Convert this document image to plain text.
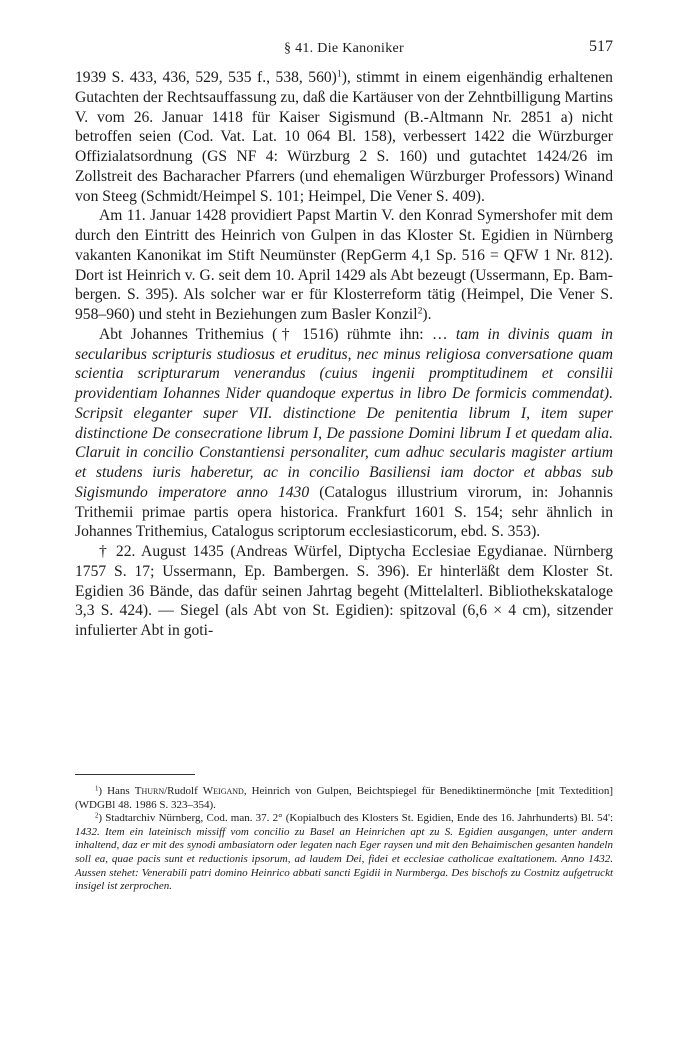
§ 41. Die Kanoniker	517

1939 S. 433, 436, 529, 535 f., 538, 560)$^1$), stimmt in einem eigenhändig erhaltenen Gutachten der Rechtsauffassung zu, daß die Kartäuser von der Zehntbilligung Martins V. vom 26. Januar 1418 für Kaiser Sigismund (B.-Altmann Nr. 2851 a) nicht betroffen seien (Cod. Vat. Lat. 10 064 Bl. 158), verbessert 1422 die Würzburger Offizialatsordnung (GS NF 4: Würzburg 2 S. 160) und gutachtet 1424/26 im Zollstreit des Bacharacher Pfarrers (und ehemaligen Würzburger Professors) Winand von Steeg (Schmidt/Heimpel S. 101; Heimpel, Die Vener S. 409).

Am 11. Januar 1428 providiert Papst Martin V. den Konrad Symershofer mit dem durch den Eintritt des Heinrich von Gulpen in das Kloster St. Egidien in Nürnberg vakanten Kanonikat im Stift Neumünster (RepGerm 4,1 Sp. 516 = QFW 1 Nr. 812). Dort ist Heinrich v. G. seit dem 10. April 1429 als Abt bezeugt (Ussermann, Ep. Bambergen. S. 395). Als solcher war er für Klosterreform tätig (Heimpel, Die Vener S. 958–960) und steht in Beziehungen zum Basler Konzil$^2$).

Abt Johannes Trithemius († 1516) rühmte ihn: … tam in divinis quam in secularibus scripturis studiosus et eruditus, nec minus religiosa conversatione quam scientia scripturarum venerandus (cuius ingenii promptitudinem et consilii providentiam Iohannes Nider quandoque expertus in libro De formicis commendat). Scripsit eleganter super VII. distinctione De penitentia librum I, item super distinctione De consecratione librum I, De passione Domini librum I et quedam alia. Claruit in concilio Constantiensi personaliter, cum adhuc secularis magister artium et studens iuris haberetur, ac in concilio Basiliensi iam doctor et abbas sub Sigismundo imperatore anno 1430 (Catalogus illustrium virorum, in: Johannis Trithemii primae partis opera historica. Frankfurt 1601 S. 154; sehr ähnlich in Johannes Trithemius, Catalogus scriptorum ecclesiasticorum, ebd. S. 353).

† 22. August 1435 (Andreas Würfel, Diptycha Ecclesiae Egydianae. Nürnberg 1757 S. 17; Ussermann, Ep. Bambergen. S. 396). Er hinterläßt dem Kloster St. Egidien 36 Bände, das dafür seinen Jahrtag begeht (Mittelalterl. Bibliothekskataloge 3,3 S. 424). — Siegel (als Abt von St. Egidien): spitzoval (6,6 × 4 cm), sitzender infulierter Abt in goti-

$^1$) Hans Thurn/Rudolf Weigand, Heinrich von Gulpen, Beichtspiegel für Benediktinermönche [mit Textedition] (WDGBl 48. 1986 S. 323–354).

$^2$) Stadtarchiv Nürnberg, Cod. man. 37. 2° (Kopialbuch des Klosters St. Egidien, Ende des 16. Jahrhunderts) Bl. 54': 1432. Item ein lateinisch missiff vom concilio zu Basel an Heinrichen apt zu S. Egidien ausgangen, unter andern inhaltend, daz er mit des synodi ambasiatorn oder legaten nach Eger raysen und mit den Behaimischen gesanten handeln soll ea, quae pacis sunt et reductionis ipsorum, ad laudem Dei, fidei et ecclesiae catholicae exaltationem. Anno 1432. Aussen stehet: Venerabili patri domino Heinrico abbati sancti Egidii in Nurmberga. Des bischofs zu Costnitz aufgetruckt insigel ist zerprochen.
